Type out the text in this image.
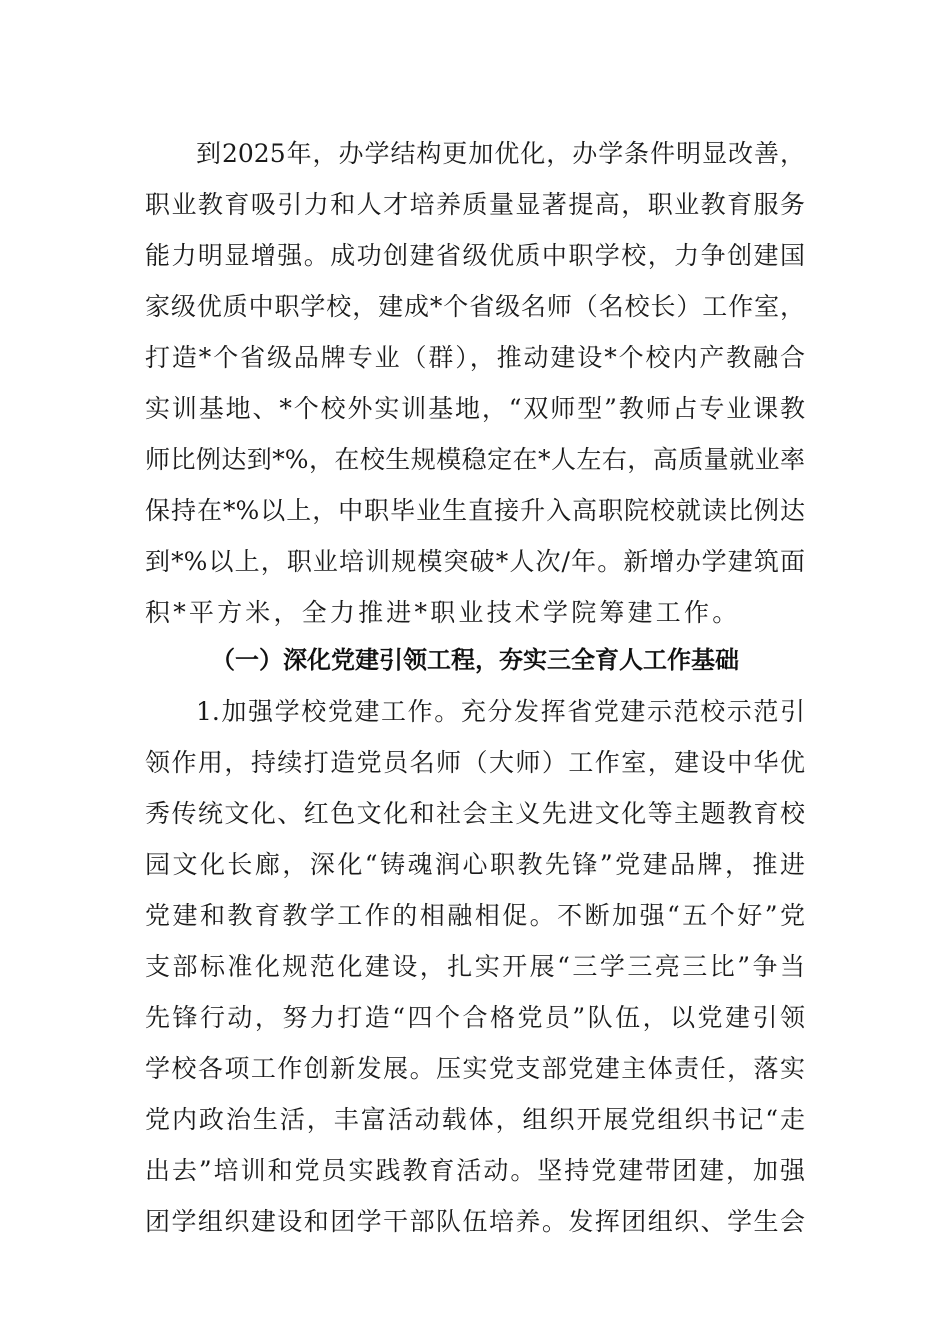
到2025年，办学结构更加优化，办学条件明显改善，
职业教育吸引力和人才培养质量显著提高，职业教育服务
能力明显增强。成功创建省级优质中职学校，力争创建国
家级优质中职学校，建成*个省级名师（名校长）工作室，
打造*个省级品牌专业（群），推动建设*个校内产教融合
实训基地、*个校外实训基地，“双师型”教师占专业课教
师比例达到*%，在校生规模稳定在*人左右，高质量就业率
保持在*%以上，中职毕业生直接升入高职院校就读比例达
到*%以上，职业培训规模突破*人次/年。新增办学建筑面
积*平方米，全力推进*职业技术学院筹建工作。
（一）深化党建引领工程，夯实三全育人工作基础
1.加强学校党建工作。充分发挥省党建示范校示范引
领作用，持续打造党员名师（大师）工作室，建设中华优
秀传统文化、红色文化和社会主义先进文化等主题教育校
园文化长廊，深化“铸魂润心职教先锋”党建品牌，推进
党建和教育教学工作的相融相促。不断加强“五个好”党
支部标准化规范化建设，扎实开展“三学三亮三比”争当
先锋行动，努力打造“四个合格党员”队伍，以党建引领
学校各项工作创新发展。压实党支部党建主体责任，落实
党内政治生活，丰富活动载体，组织开展党组织书记“走
出去”培训和党员实践教育活动。坚持党建带团建，加强
团学组织建设和团学干部队伍培养。发挥团组织、学生会
